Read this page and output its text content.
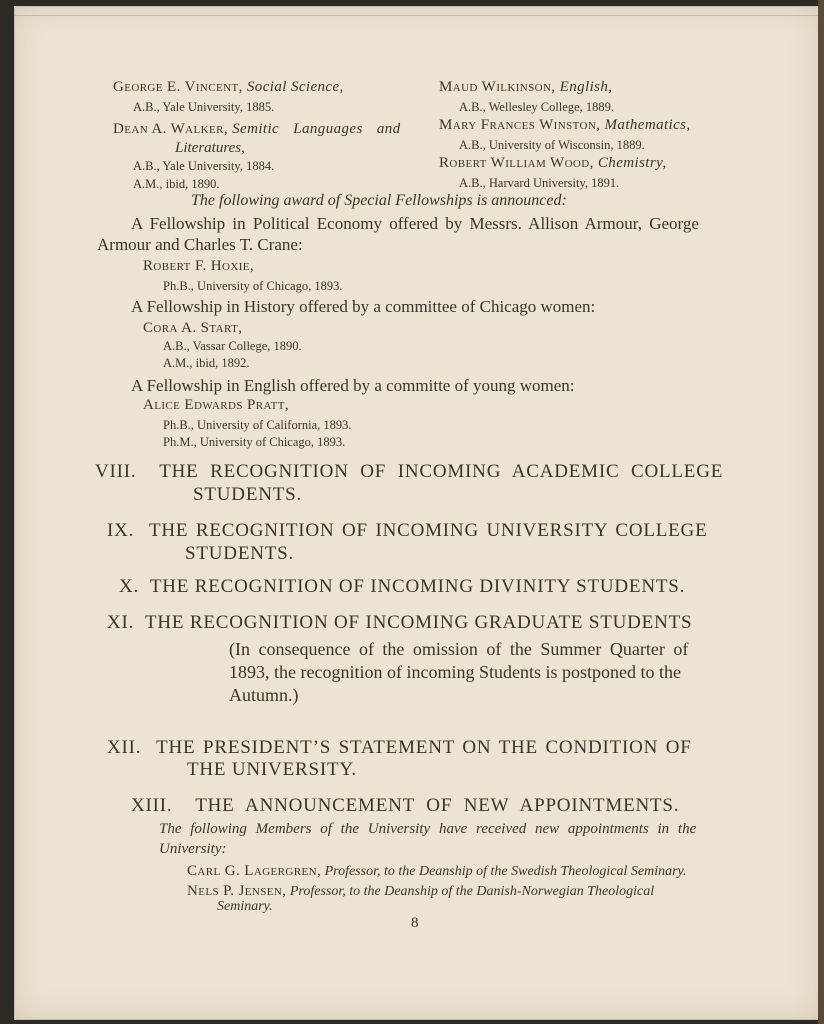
George E. Vincent, Social Science,
A.B., Yale University, 1885.
Dean A. Walker, Semitic Languages and
Literatures,
A.B., Yale University, 1884.
A.M., ibid, 1890.
Maud Wilkinson, English,
A.B., Wellesley College, 1889.
Mary Frances Winston, Mathematics,
A.B., University of Wisconsin, 1889.
Robert William Wood, Chemistry,
A.B., Harvard University, 1891.
The following award of Special Fellowships is announced:
A Fellowship in Political Economy offered by Messrs. Allison Armour, George
Armour and Charles T. Crane:
Robert F. Hoxie,
Ph.B., University of Chicago, 1893.
A Fellowship in History offered by a committee of Chicago women:
Cora A. Start,
A.B., Vassar College, 1890.
A.M., ibid, 1892.
A Fellowship in English offered by a committe of young women:
Alice Edwards Pratt,
Ph.B., University of California, 1893.
Ph.M., University of Chicago, 1893.
VIII. THE RECOGNITION OF INCOMING ACADEMIC COLLEGE
STUDENTS.
IX. THE RECOGNITION OF INCOMING UNIVERSITY COLLEGE
STUDENTS.
X. THE RECOGNITION OF INCOMING DIVINITY STUDENTS.
XI. THE RECOGNITION OF INCOMING GRADUATE STUDENTS
(In consequence of the omission of the Summer Quarter of
1893, the recognition of incoming Students is postponed to the
Autumn.)
XII. THE PRESIDENT’S STATEMENT ON THE CONDITION OF
THE UNIVERSITY.
XIII. THE ANNOUNCEMENT OF NEW APPOINTMENTS.
The following Members of the University have received new appointments in the
University:
Carl G. Lagergren, Professor, to the Deanship of the Swedish Theological Seminary.
Nels P. Jensen, Professor, to the Deanship of the Danish-Norwegian Theological
Seminary.
8
